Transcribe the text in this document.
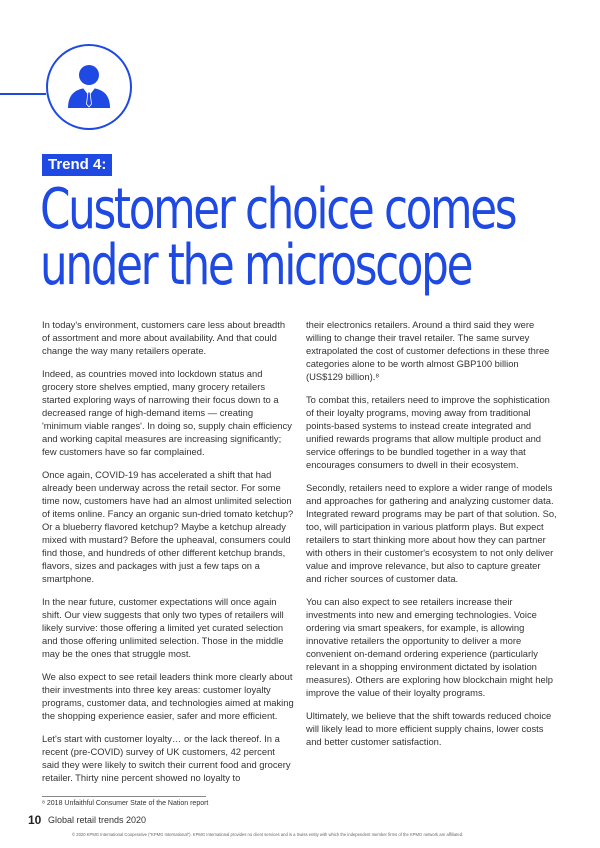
Trend 4:
Customer choice comes
under the microscope

In today's environment, customers care less about breadth of assortment and more about availability. And that could change the way many retailers operate.

Indeed, as countries moved into lockdown status and grocery store shelves emptied, many grocery retailers started exploring ways of narrowing their focus down to a decreased range of high-demand items — creating 'minimum viable ranges'. In doing so, supply chain efficiency and working capital measures are increasing significantly; few customers have so far complained.

Once again, COVID-19 has accelerated a shift that had already been underway across the retail sector. For some time now, customers have had an almost unlimited selection of items online. Fancy an organic sun-dried tomato ketchup? Or a blueberry flavored ketchup? Maybe a ketchup already mixed with mustard? Before the upheaval, consumers could find those, and hundreds of other different ketchup brands, flavors, sizes and packages with just a few taps on a smartphone.

In the near future, customer expectations will once again shift. Our view suggests that only two types of retailers will likely survive: those offering a limited yet curated selection and those offering unlimited selection. Those in the middle may be the ones that struggle most.

We also expect to see retail leaders think more clearly about their investments into three key areas: customer loyalty programs, customer data, and technologies aimed at making the shopping experience easier, safer and more efficient.

Let's start with customer loyalty… or the lack thereof. In a recent (pre-COVID) survey of UK customers, 42 percent said they were likely to switch their current food and grocery retailer. Thirty nine percent showed no loyalty to

their electronics retailers. Around a third said they were willing to change their travel retailer. The same survey extrapolated the cost of customer defections in these three categories alone to be worth almost GBP100 billion (US$129 billion).⁸

To combat this, retailers need to improve the sophistication of their loyalty programs, moving away from traditional points-based systems to instead create integrated and unified rewards programs that allow multiple product and service offerings to be bundled together in a way that encourages consumers to dwell in their ecosystem.

Secondly, retailers need to explore a wider range of models and approaches for gathering and analyzing customer data. Integrated reward programs may be part of that solution. So, too, will participation in various platform plays. But expect retailers to start thinking more about how they can partner with others in their customer's ecosystem to not only deliver value and improve relevance, but also to capture greater and richer sources of customer data.

You can also expect to see retailers increase their investments into new and emerging technologies. Voice ordering via smart speakers, for example, is allowing innovative retailers the opportunity to deliver a more convenient on-demand ordering experience (particularly relevant in a shopping environment dictated by isolation measures). Others are exploring how blockchain might help improve the value of their loyalty programs.

Ultimately, we believe that the shift towards reduced choice will likely lead to more efficient supply chains, lower costs and better customer satisfaction.

⁸ 2018 Unfaithful Consumer State of the Nation report
10 Global retail trends 2020
© 2020 KPMG International Cooperative ("KPMG International"). KPMG International provides no client services and is a Swiss entity with which the independent member firms of the KPMG network are affiliated.
